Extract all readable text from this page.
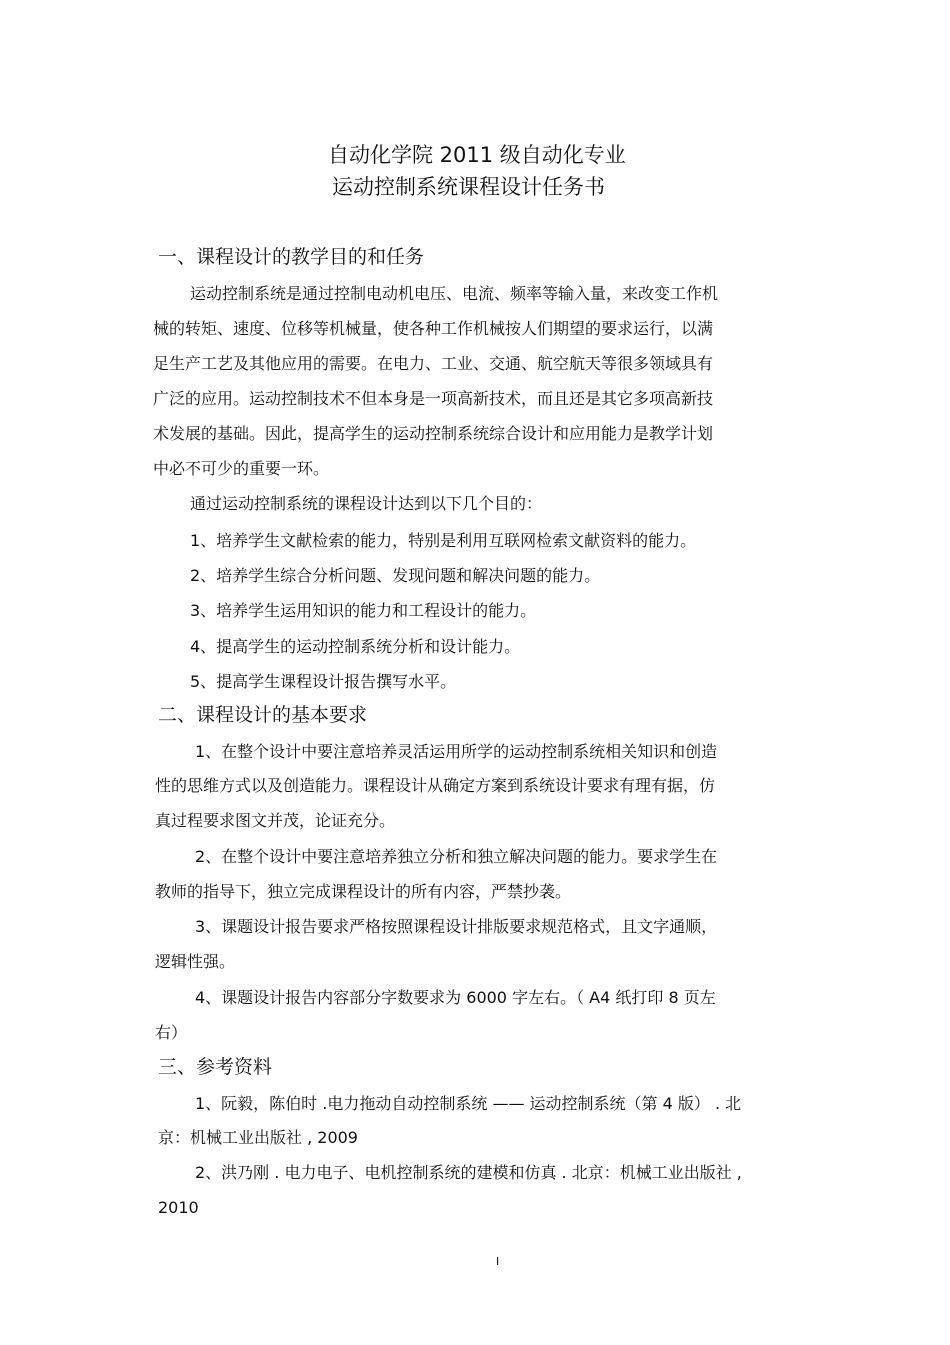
自动化学院 2011 级自动化专业
运动控制系统课程设计任务书
一、课程设计的教学目的和任务
运动控制系统是通过控制电动机电压、电流、频率等输入量，来改变工作机
械的转矩、速度、位移等机械量，使各种工作机械按人们期望的要求运行，以满
足生产工艺及其他应用的需要。在电力、工业、交通、航空航天等很多领域具有
广泛的应用。运动控制技术不但本身是一项高新技术，而且还是其它多项高新技
术发展的基础。因此，提高学生的运动控制系统综合设计和应用能力是教学计划
中必不可少的重要一环。
通过运动控制系统的课程设计达到以下几个目的：
1、培养学生文献检索的能力，特别是利用互联网检索文献资料的能力。
2、培养学生综合分析问题、发现问题和解决问题的能力。
3、培养学生运用知识的能力和工程设计的能力。
4、提高学生的运动控制系统分析和设计能力。
5、提高学生课程设计报告撰写水平。
二、课程设计的基本要求
1、在整个设计中要注意培养灵活运用所学的运动控制系统相关知识和创造
性的思维方式以及创造能力。课程设计从确定方案到系统设计要求有理有据，仿
真过程要求图文并茂，论证充分。
2、在整个设计中要注意培养独立分析和独立解决问题的能力。要求学生在
教师的指导下，独立完成课程设计的所有内容，严禁抄袭。
3、课题设计报告要求严格按照课程设计排版要求规范格式，且文字通顺，
逻辑性强。
4、课题设计报告内容部分字数要求为 6000 字左右。（ A4 纸打印 8 页左
右）
三、参考资料
1、阮毅，陈伯时 .电力拖动自动控制系统 —— 运动控制系统（第 4 版） . 北
京：机械工业出版社 , 2009
2、洪乃刚 . 电力电子、电机控制系统的建模和仿真 . 北京：机械工业出版社 ,
2010
I
